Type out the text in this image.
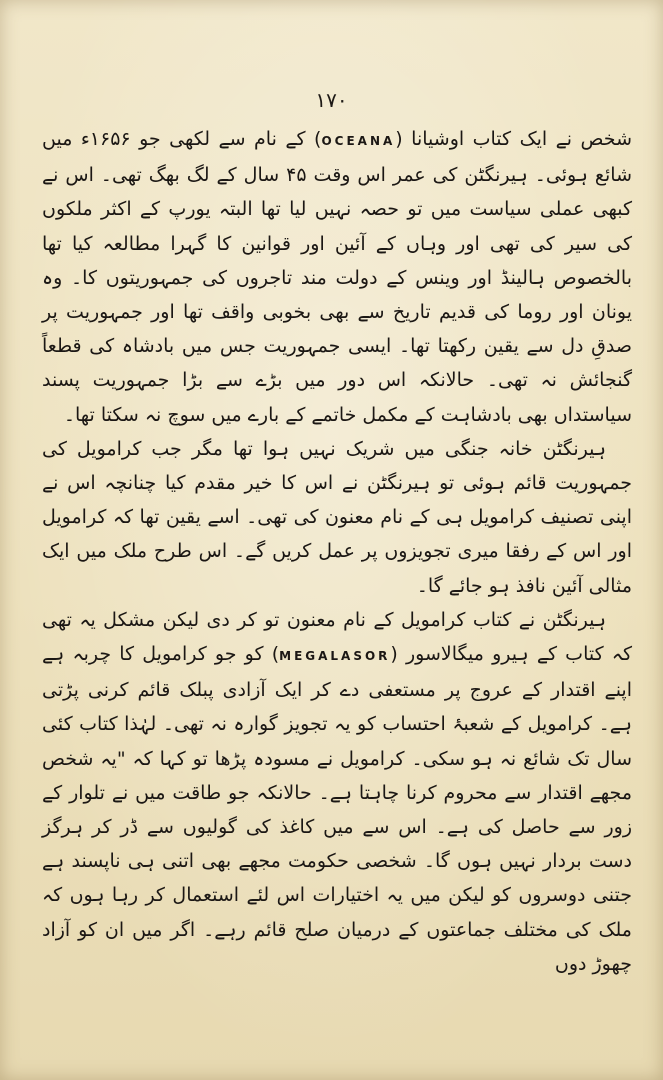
۱۷۰

شخص نے ایک کتاب اوشیانا (OCEANA) کے نام سے لکھی جو ۱۶۵۶ء میں شائع ہوئی۔ ہیرنگٹن کی عمر اس وقت ۴۵ سال کے لگ بھگ تھی۔ اس نے کبھی عملی سیاست میں تو حصہ نہیں لیا تھا البتہ یورپ کے اکثر ملکوں کی سیر کی تھی اور وہاں کے آئین اور قوانین کا گہرا مطالعہ کیا تھا بالخصوص ہالینڈ اور وینس کے دولت مند تاجروں کی جمہوریتوں کا۔ وہ یونان اور روما کی قدیم تاریخ سے بھی بخوبی واقف تھا اور جمہوریت پر صدقِ دل سے یقین رکھتا تھا۔ ایسی جمہوریت جس میں بادشاہ کی قطعاً گنجائش نہ تھی۔ حالانکہ اس دور میں بڑے سے بڑا جمہوریت پسند سیاستداں بھی بادشاہت کے مکمل خاتمے کے بارے میں سوچ نہ سکتا تھا۔

ہیرنگٹن خانہ جنگی میں شریک نہیں ہوا تھا مگر جب کرامویل کی جمہوریت قائم ہوئی تو ہیرنگٹن نے اس کا خیر مقدم کیا چنانچہ اس نے اپنی تصنیف کرامویل ہی کے نام معنون کی تھی۔ اسے یقین تھا کہ کرامویل اور اس کے رفقا میری تجویزوں پر عمل کریں گے۔ اس طرح ملک میں ایک مثالی آئین نافذ ہو جائے گا۔

ہیرنگٹن نے کتاب کرامویل کے نام معنون تو کر دی لیکن مشکل یہ تھی کہ کتاب کے ہیرو میگالاسور (MEGALASOR) کو جو کرامویل کا چربہ ہے اپنے اقتدار کے عروج پر مستعفی دے کر ایک آزادی پبلک قائم کرنی پڑتی ہے۔ کرامویل کے شعبۂ احتساب کو یہ تجویز گوارہ نہ تھی۔ لہٰذا کتاب کئی سال تک شائع نہ ہو سکی۔ کرامویل نے مسودہ پڑھا تو کہا کہ "یہ شخص مجھے اقتدار سے محروم کرنا چاہتا ہے۔ حالانکہ جو طاقت میں نے تلوار کے زور سے حاصل کی ہے۔ اس سے میں کاغذ کی گولیوں سے ڈر کر ہرگز دست بردار نہیں ہوں گا۔ شخصی حکومت مجھے بھی اتنی ہی ناپسند ہے جتنی دوسروں کو لیکن میں یہ اختیارات اس لئے استعمال کر رہا ہوں کہ ملک کی مختلف جماعتوں کے درمیان صلح قائم رہے۔ اگر میں ان کو آزاد چھوڑ دوں
